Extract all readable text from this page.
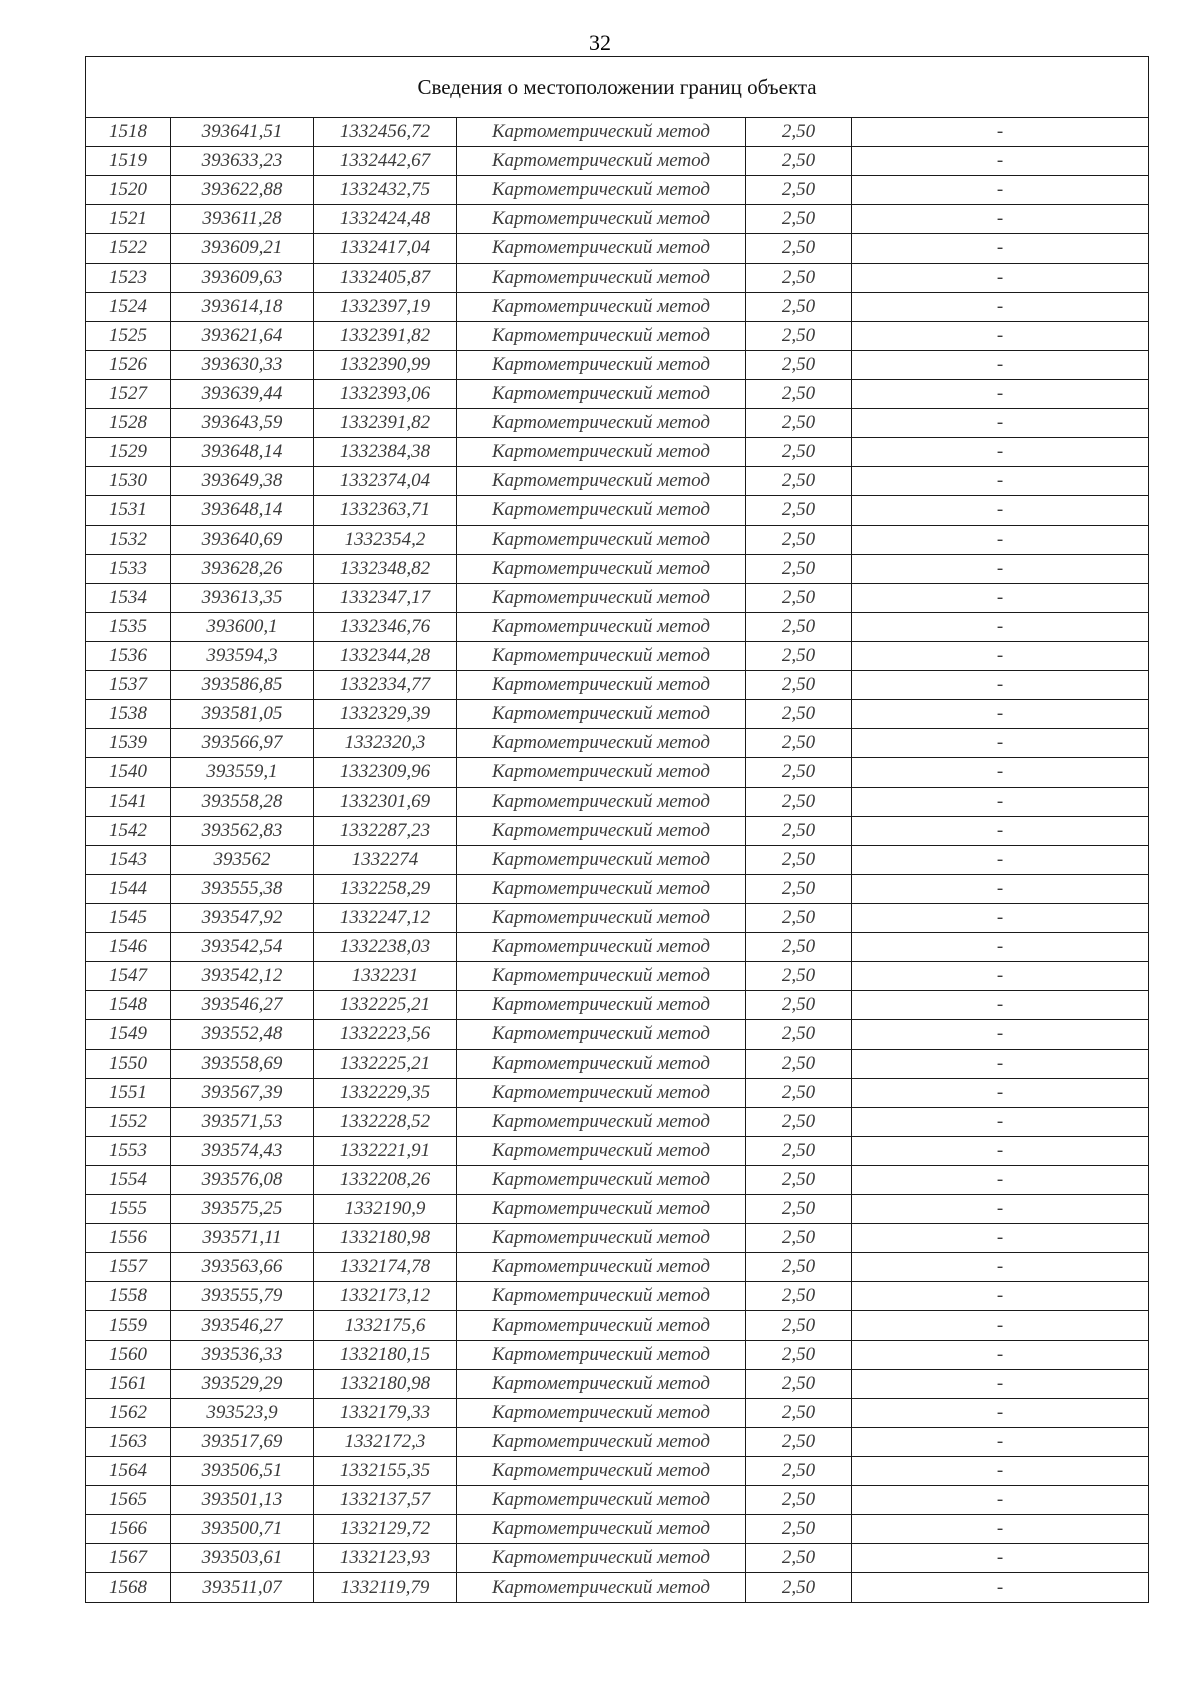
32
Сведения о местоположении границ объекта					
1518	393641,51	1332456,72	Картометрический метод	2,50	-
1519	393633,23	1332442,67	Картометрический метод	2,50	-
1520	393622,88	1332432,75	Картометрический метод	2,50	-
1521	393611,28	1332424,48	Картометрический метод	2,50	-
1522	393609,21	1332417,04	Картометрический метод	2,50	-
1523	393609,63	1332405,87	Картометрический метод	2,50	-
1524	393614,18	1332397,19	Картометрический метод	2,50	-
1525	393621,64	1332391,82	Картометрический метод	2,50	-
1526	393630,33	1332390,99	Картометрический метод	2,50	-
1527	393639,44	1332393,06	Картометрический метод	2,50	-
1528	393643,59	1332391,82	Картометрический метод	2,50	-
1529	393648,14	1332384,38	Картометрический метод	2,50	-
1530	393649,38	1332374,04	Картометрический метод	2,50	-
1531	393648,14	1332363,71	Картометрический метод	2,50	-
1532	393640,69	1332354,2	Картометрический метод	2,50	-
1533	393628,26	1332348,82	Картометрический метод	2,50	-
1534	393613,35	1332347,17	Картометрический метод	2,50	-
1535	393600,1	1332346,76	Картометрический метод	2,50	-
1536	393594,3	1332344,28	Картометрический метод	2,50	-
1537	393586,85	1332334,77	Картометрический метод	2,50	-
1538	393581,05	1332329,39	Картометрический метод	2,50	-
1539	393566,97	1332320,3	Картометрический метод	2,50	-
1540	393559,1	1332309,96	Картометрический метод	2,50	-
1541	393558,28	1332301,69	Картометрический метод	2,50	-
1542	393562,83	1332287,23	Картометрический метод	2,50	-
1543	393562	1332274	Картометрический метод	2,50	-
1544	393555,38	1332258,29	Картометрический метод	2,50	-
1545	393547,92	1332247,12	Картометрический метод	2,50	-
1546	393542,54	1332238,03	Картометрический метод	2,50	-
1547	393542,12	1332231	Картометрический метод	2,50	-
1548	393546,27	1332225,21	Картометрический метод	2,50	-
1549	393552,48	1332223,56	Картометрический метод	2,50	-
1550	393558,69	1332225,21	Картометрический метод	2,50	-
1551	393567,39	1332229,35	Картометрический метод	2,50	-
1552	393571,53	1332228,52	Картометрический метод	2,50	-
1553	393574,43	1332221,91	Картометрический метод	2,50	-
1554	393576,08	1332208,26	Картометрический метод	2,50	-
1555	393575,25	1332190,9	Картометрический метод	2,50	-
1556	393571,11	1332180,98	Картометрический метод	2,50	-
1557	393563,66	1332174,78	Картометрический метод	2,50	-
1558	393555,79	1332173,12	Картометрический метод	2,50	-
1559	393546,27	1332175,6	Картометрический метод	2,50	-
1560	393536,33	1332180,15	Картометрический метод	2,50	-
1561	393529,29	1332180,98	Картометрический метод	2,50	-
1562	393523,9	1332179,33	Картометрический метод	2,50	-
1563	393517,69	1332172,3	Картометрический метод	2,50	-
1564	393506,51	1332155,35	Картометрический метод	2,50	-
1565	393501,13	1332137,57	Картометрический метод	2,50	-
1566	393500,71	1332129,72	Картометрический метод	2,50	-
1567	393503,61	1332123,93	Картометрический метод	2,50	-
1568	393511,07	1332119,79	Картометрический метод	2,50	-
